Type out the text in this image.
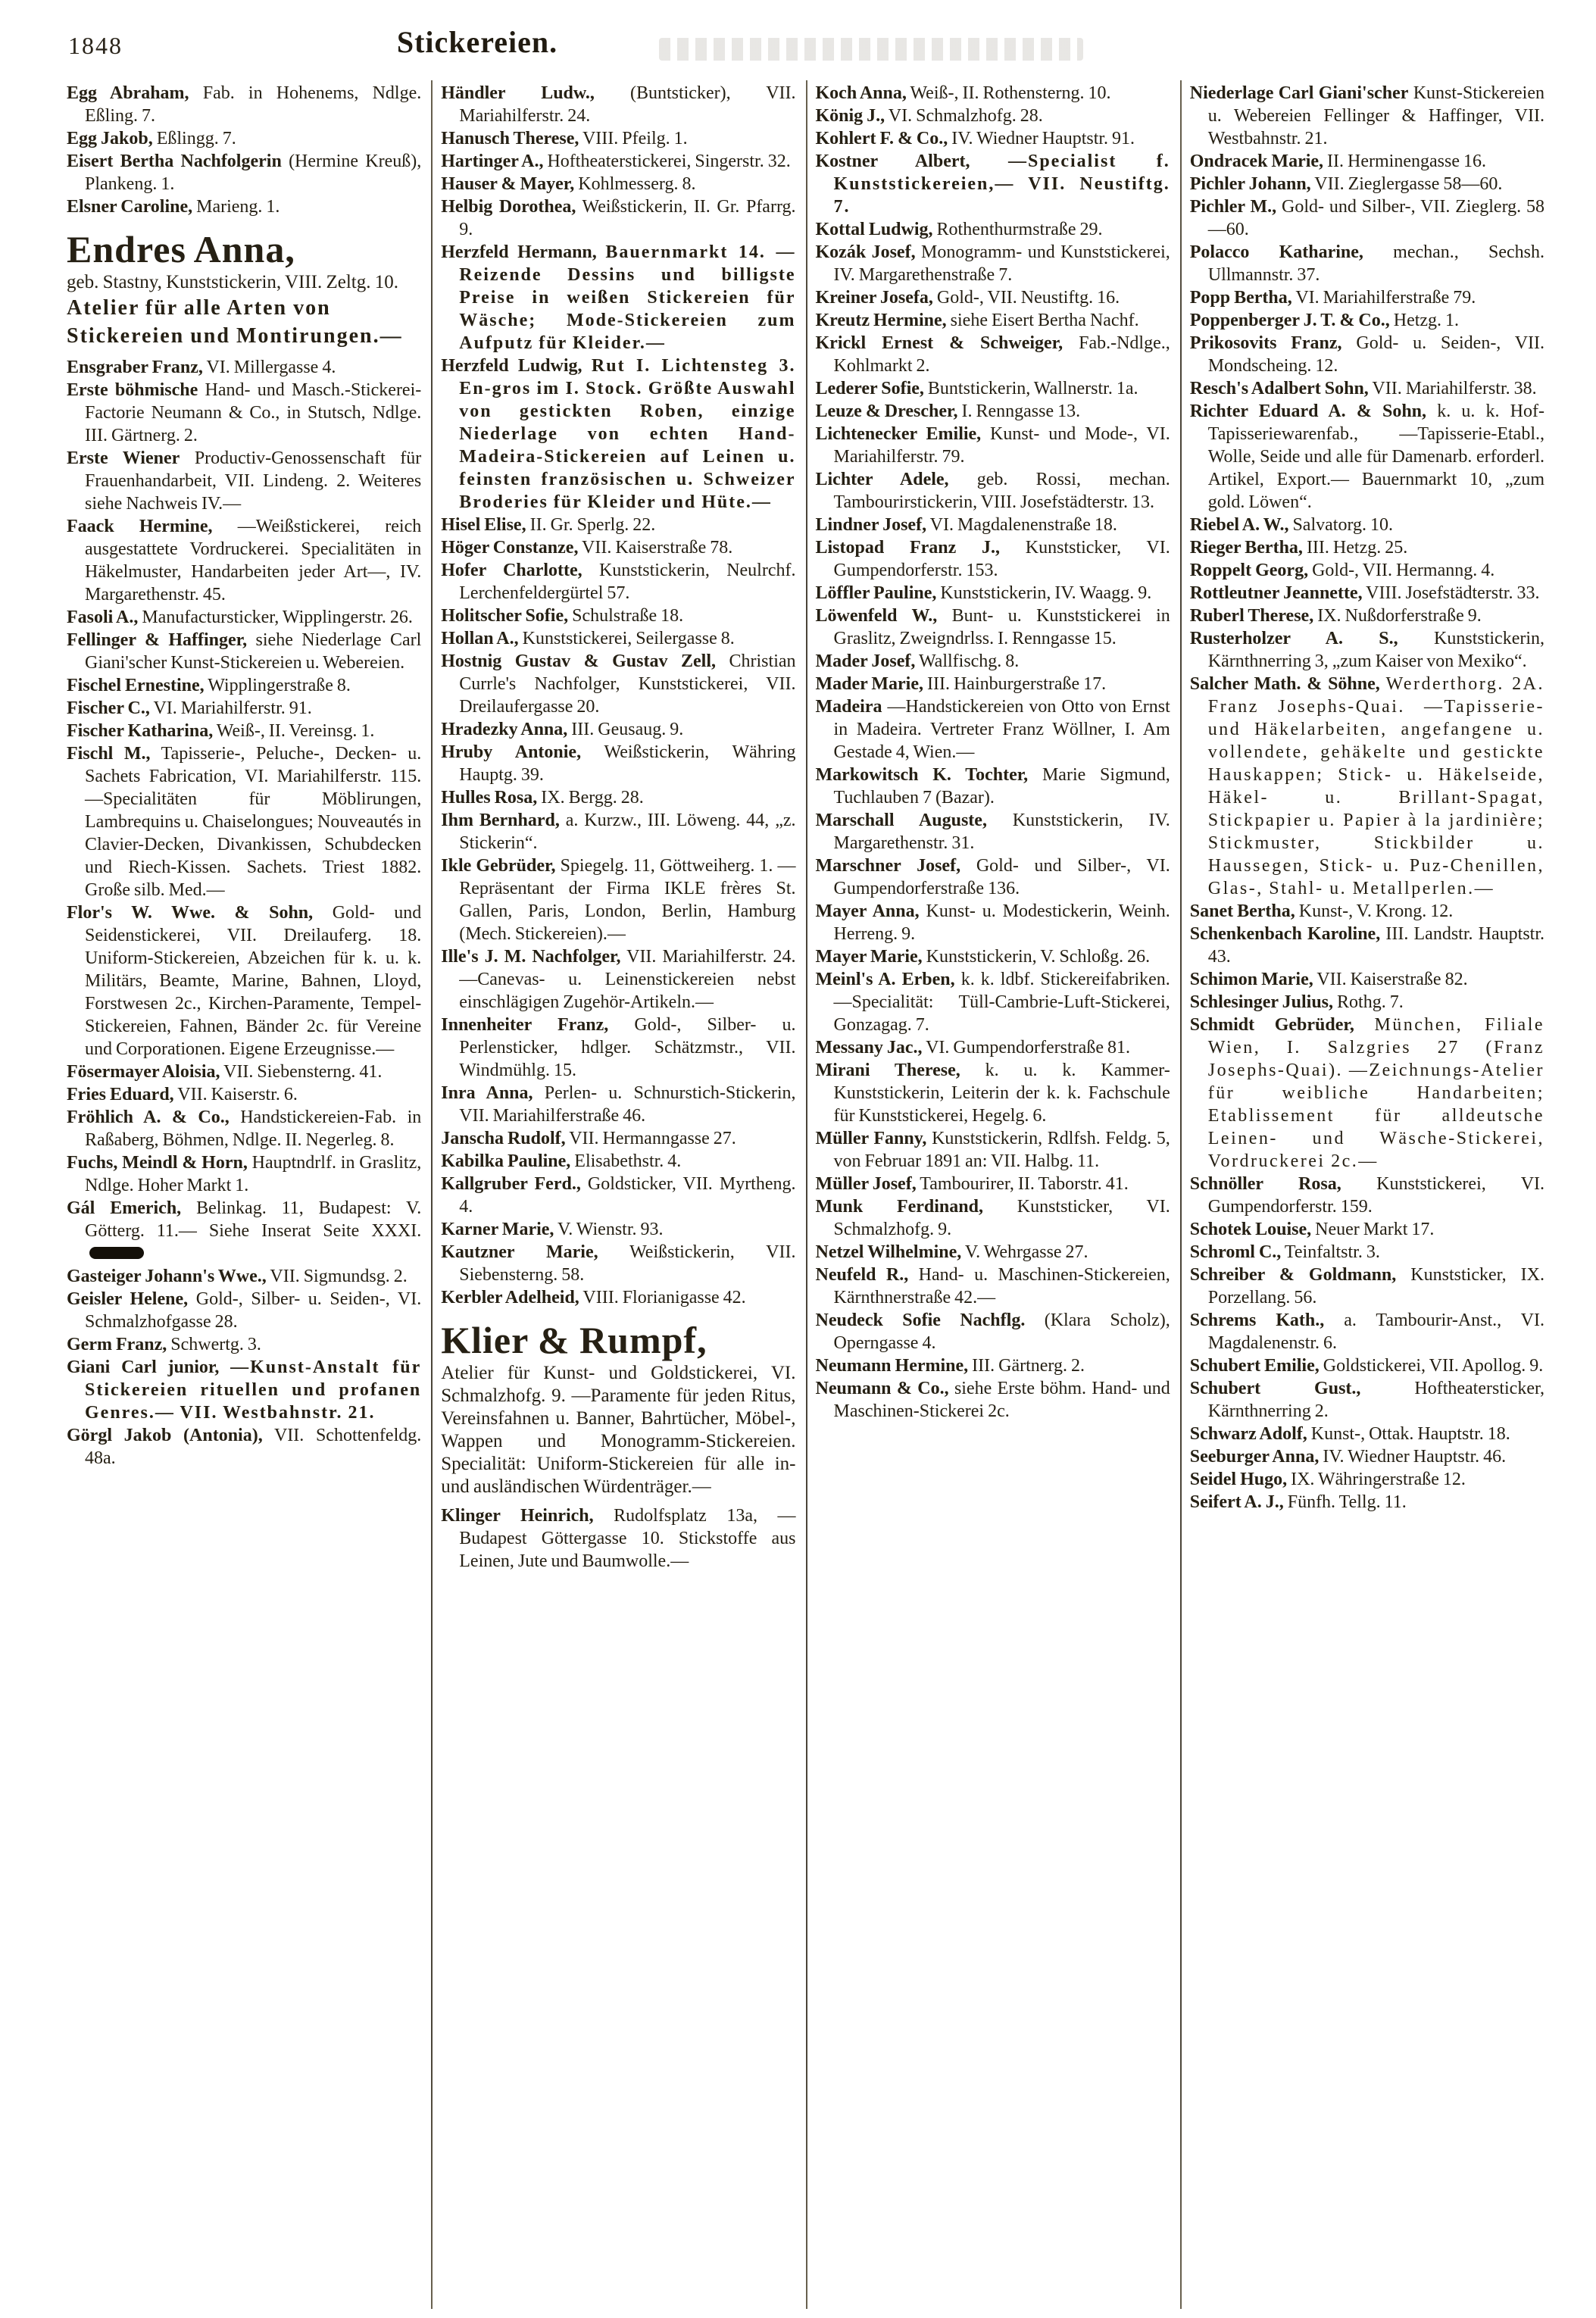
1848	Stickereien.

Egg Abraham, Fab. in Hohenems, Ndlge. Eßling. 7.

Egg Jakob, Eßlingg. 7.

Eisert Bertha Nachfolgerin (Hermine Kreuß), Plankeng. 1.

Elsner Caroline, Marieng. 1.

Endres Anna,
geb. Stastny, Kunststickerin, VIII. Zeltg. 10.
Atelier für alle Arten von Stickereien und Montirungen.—

Ensgraber Franz, VI. Millergasse 4.

Erste böhmische Hand- und Masch.-Stickerei-Factorie Neumann & Co., in Stutsch, Ndlge. III. Gärtnerg. 2.

Erste Wiener Productiv-Genossenschaft für Frauenhandarbeit, VII. Lindeng. 2. Weiteres siehe Nachweis IV.—

Faack Hermine, —Weißstickerei, reich ausgestattete Vordruckerei. Specialitäten in Häkelmuster, Handarbeiten jeder Art—, IV. Margarethenstr. 45.

Fasoli A., Manufactursticker, Wipplingerstr. 26.

Fellinger & Haffinger, siehe Niederlage Carl Giani'scher Kunst-Stickereien u. Webereien.

Fischel Ernestine, Wipplingerstraße 8.

Fischer C., VI. Mariahilferstr. 91.

Fischer Katharina, Weiß-, II. Vereinsg. 1.

Fischl M., Tapisserie-, Peluche-, Decken- u. Sachets Fabrication, VI. Mariahilferstr. 115. —Specialitäten für Möblirungen, Lambrequins u. Chaiselongues; Nouveautés in Clavier-Decken, Divankissen, Schubdecken und Riech-Kissen. Sachets. Triest 1882. Große silb. Med.—

Flor's W. Wwe. & Sohn, Gold- und Seidenstickerei, VII. Dreilauferg. 18. Uniform-Stickereien, Abzeichen für k. u. k. Militärs, Beamte, Marine, Bahnen, Lloyd, Forstwesen 2c., Kirchen-Paramente, Tempel-Stickereien, Fahnen, Bänder 2c. für Vereine und Corporationen. Eigene Erzeugnisse.—

Fösermayer Aloisia, VII. Siebensterng. 41.

Fries Eduard, VII. Kaiserstr. 6.

Fröhlich A. & Co., Handstickereien-Fab. in Raßaberg, Böhmen, Ndlge. II. Negerleg. 8.

Fuchs, Meindl & Horn, Hauptndrlf. in Graslitz, Ndlge. Hoher Markt 1.

Gál Emerich, Belinkag. 11, Budapest: V. Götterg. 11.— Siehe Inserat Seite XXXI.

Gasteiger Johann's Wwe., VII. Sigmundsg. 2.

Geisler Helene, Gold-, Silber- u. Seiden-, VI. Schmalzhofgasse 28.

Germ Franz, Schwertg. 3.

Giani Carl junior, —Kunst-Anstalt für Stickereien rituellen und profanen Genres.— VII. Westbahnstr. 21.

Görgl Jakob (Antonia), VII. Schottenfeldg. 48a.

Händler Ludw., (Buntsticker), VII. Mariahilferstr. 24.

Hanusch Therese, VIII. Pfeilg. 1.

Hartinger A., Hoftheaterstickerei, Singerstr. 32.

Hauser & Mayer, Kohlmesserg. 8.

Helbig Dorothea, Weißstickerin, II. Gr. Pfarrg. 9.

Herzfeld Hermann, Bauernmarkt 14. —Reizende Dessins und billigste Preise in weißen Stickereien für Wäsche; Mode-Stickereien zum Aufputz für Kleider.—

Herzfeld Ludwig, Rut I. Lichtensteg 3. En-gros im I. Stock. Größte Auswahl von gestickten Roben, einzige Niederlage von echten Hand-Madeira-Stickereien auf Leinen u. feinsten französischen u. Schweizer Broderies für Kleider und Hüte.—

Hisel Elise, II. Gr. Sperlg. 22.

Höger Constanze, VII. Kaiserstraße 78.

Hofer Charlotte, Kunststickerin, Neulrchf. Lerchenfeldergürtel 57.

Holitscher Sofie, Schulstraße 18.

Hollan A., Kunststickerei, Seilergasse 8.

Hostnig Gustav & Gustav Zell, Christian Currle's Nachfolger, Kunststickerei, VII. Dreilaufergasse 20.

Hradezky Anna, III. Geusaug. 9.

Hruby Antonie, Weißstickerin, Währing Hauptg. 39.

Hulles Rosa, IX. Bergg. 28.

Ihm Bernhard, a. Kurzw., III. Löweng. 44, „z. Stickerin“.

Ikle Gebrüder, Spiegelg. 11, Göttweiherg. 1. —Repräsentant der Firma IKLE frères St. Gallen, Paris, London, Berlin, Hamburg (Mech. Stickereien).—

Ille's J. M. Nachfolger, VII. Mariahilferstr. 24. —Canevas- u. Leinenstickereien nebst einschlägigen Zugehör-Artikeln.—

Innenheiter Franz, Gold-, Silber- u. Perlensticker, hdlger. Schätzmstr., VII. Windmühlg. 15.

Inra Anna, Perlen- u. Schnurstich-Stickerin, VII. Mariahilferstraße 46.

Janscha Rudolf, VII. Hermanngasse 27.

Kabilka Pauline, Elisabethstr. 4.

Kallgruber Ferd., Goldsticker, VII. Myrtheng. 4.

Karner Marie, V. Wienstr. 93.

Kautzner Marie, Weißstickerin, VII. Siebensterng. 58.

Kerbler Adelheid, VIII. Florianigasse 42.

Klier & Rumpf,
Atelier für Kunst- und Goldstickerei, VI. Schmalzhofg. 9. —Paramente für jeden Ritus, Vereinsfahnen u. Banner, Bahrtücher, Möbel-, Wappen und Monogramm-Stickereien. Specialität: Uniform-Stickereien für alle in- und ausländischen Würdenträger.—

Klinger Heinrich, Rudolfsplatz 13a, —Budapest Göttergasse 10. Stickstoffe aus Leinen, Jute und Baumwolle.—

Koch Anna, Weiß-, II. Rothensterng. 10.

König J., VI. Schmalzhofg. 28.

Kohlert F. & Co., IV. Wiedner Hauptstr. 91.

Kostner Albert, —Specialist f. Kunststickereien,— VII. Neustiftg. 7.

Kottal Ludwig, Rothenthurmstraße 29.

Kozák Josef, Monogramm- und Kunststickerei, IV. Margarethenstraße 7.

Kreiner Josefa, Gold-, VII. Neustiftg. 16.

Kreutz Hermine, siehe Eisert Bertha Nachf.

Krickl Ernest & Schweiger, Fab.-Ndlge., Kohlmarkt 2.

Lederer Sofie, Buntstickerin, Wallnerstr. 1a.

Leuze & Drescher, I. Renngasse 13.

Lichtenecker Emilie, Kunst- und Mode-, VI. Mariahilferstr. 79.

Lichter Adele, geb. Rossi, mechan. Tambourirstickerin, VIII. Josefstädterstr. 13.

Lindner Josef, VI. Magdalenenstraße 18.

Listopad Franz J., Kunststicker, VI. Gumpendorferstr. 153.

Löffler Pauline, Kunststickerin, IV. Waagg. 9.

Löwenfeld W., Bunt- u. Kunststickerei in Graslitz, Zweigndrlss. I. Renngasse 15.

Mader Josef, Wallfischg. 8.

Mader Marie, III. Hainburgerstraße 17.

Madeira —Handstickereien von Otto von Ernst in Madeira. Vertreter Franz Wöllner, I. Am Gestade 4, Wien.—

Markowitsch K. Tochter, Marie Sigmund, Tuchlauben 7 (Bazar).

Marschall Auguste, Kunststickerin, IV. Margarethenstr. 31.

Marschner Josef, Gold- und Silber-, VI. Gumpendorferstraße 136.

Mayer Anna, Kunst- u. Modestickerin, Weinh. Herreng. 9.

Mayer Marie, Kunststickerin, V. Schloßg. 26.

Meinl's A. Erben, k. k. ldbf. Stickereifabriken. —Specialität: Tüll-Cambrie-Luft-Stickerei, Gonzagag. 7.

Messany Jac., VI. Gumpendorferstraße 81.

Mirani Therese, k. u. k. Kammer-Kunststickerin, Leiterin der k. k. Fachschule für Kunststickerei, Hegelg. 6.

Müller Fanny, Kunststickerin, Rdlfsh. Feldg. 5, von Februar 1891 an: VII. Halbg. 11.

Müller Josef, Tambourirer, II. Taborstr. 41.

Munk Ferdinand, Kunststicker, VI. Schmalzhofg. 9.

Netzel Wilhelmine, V. Wehrgasse 27.

Neufeld R., Hand- u. Maschinen-Stickereien, Kärnthnerstraße 42.—

Neudeck Sofie Nachflg. (Klara Scholz), Operngasse 4.

Neumann Hermine, III. Gärtnerg. 2.

Neumann & Co., siehe Erste böhm. Hand- und Maschinen-Stickerei 2c.

Niederlage Carl Giani'scher Kunst-Stickereien u. Webereien Fellinger & Haffinger, VII. Westbahnstr. 21.

Ondracek Marie, II. Herminengasse 16.

Pichler Johann, VII. Zieglergasse 58—60.

Pichler M., Gold- und Silber-, VII. Zieglerg. 58—60.

Polacco Katharine, mechan., Sechsh. Ullmannstr. 37.

Popp Bertha, VI. Mariahilferstraße 79.

Poppenberger J. T. & Co., Hetzg. 1.

Prikosovits Franz, Gold- u. Seiden-, VII. Mondscheing. 12.

Resch's Adalbert Sohn, VII. Mariahilferstr. 38.

Richter Eduard A. & Sohn, k. u. k. Hof-Tapisseriewarenfab., —Tapisserie-Etabl., Wolle, Seide und alle für Damenarb. erforderl. Artikel, Export.— Bauernmarkt 10, „zum gold. Löwen“.

Riebel A. W., Salvatorg. 10.

Rieger Bertha, III. Hetzg. 25.

Roppelt Georg, Gold-, VII. Hermanng. 4.

Rottleutner Jeannette, VIII. Josefstädterstr. 33.

Ruberl Therese, IX. Nußdorferstraße 9.

Rusterholzer A. S., Kunststickerin, Kärnthnerring 3, „zum Kaiser von Mexiko“.

Salcher Math. & Söhne, Werderthorg. 2A. Franz Josephs-Quai. —Tapisserie- und Häkelarbeiten, angefangene u. vollendete, gehäkelte und gestickte Hauskappen; Stick- u. Häkelseide, Häkel- u. Brillant-Spagat, Stickpapier u. Papier à la jardinière; Stickmuster, Stickbilder u. Haussegen, Stick- u. Puz-Chenillen, Glas-, Stahl- u. Metallperlen.—

Sanet Bertha, Kunst-, V. Krong. 12.

Schenkenbach Karoline, III. Landstr. Hauptstr. 43.

Schimon Marie, VII. Kaiserstraße 82.

Schlesinger Julius, Rothg. 7.

Schmidt Gebrüder, München, Filiale Wien, I. Salzgries 27 (Franz Josephs-Quai). —Zeichnungs-Atelier für weibliche Handarbeiten; Etablissement für alldeutsche Leinen- und Wäsche-Stickerei, Vordruckerei 2c.—

Schnöller Rosa, Kunststickerei, VI. Gumpendorferstr. 159.

Schotek Louise, Neuer Markt 17.

Schroml C., Teinfaltstr. 3.

Schreiber & Goldmann, Kunststicker, IX. Porzellang. 56.

Schrems Kath., a. Tambourir-Anst., VI. Magdalenenstr. 6.

Schubert Emilie, Goldstickerei, VII. Apollog. 9.

Schubert Gust.,	Hoftheatersticker, Kärnthnerring 2.

Schwarz Adolf, Kunst-, Ottak. Hauptstr. 18.

Seeburger Anna, IV. Wiedner Hauptstr. 46.

Seidel Hugo, IX. Währingerstraße 12.

Seifert A. J., Fünfh. Tellg. 11.
